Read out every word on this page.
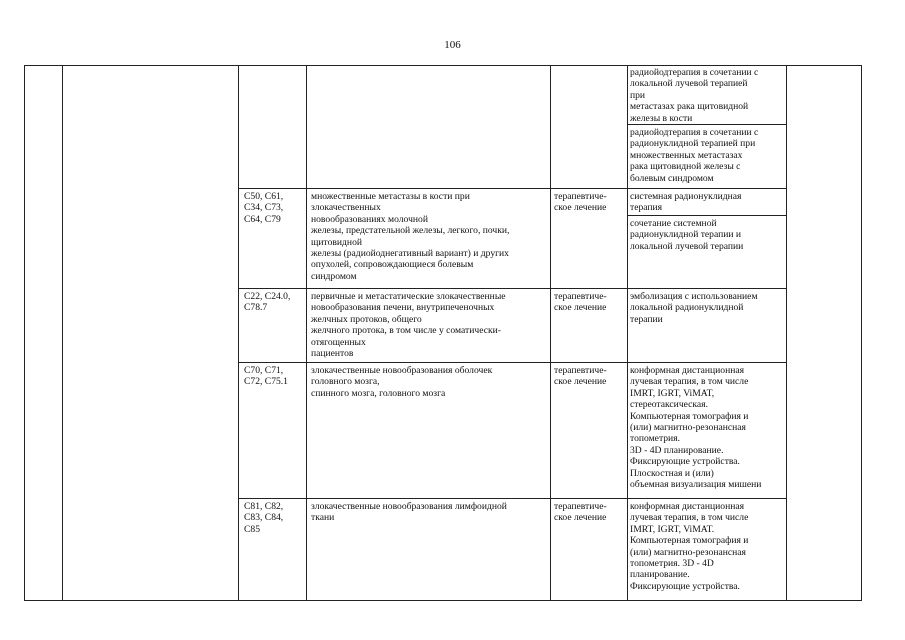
106
радиойодтерапия в сочетании с
локальной лучевой терапией
при
метастазах рака щитовидной
железы в кости
радиойодтерапия в сочетании с
радионуклидной терапией при
множественных метастазах
рака щитовидной железы с
болевым синдромом
C50, C61,
C34, C73,
C64, C79
множественные метастазы в кости при
злокачественных
новообразованиях молочной
железы, предстательной железы, легкого, почки,
щитовидной
железы (радиойоднегативный вариант) и других
опухолей, сопровождающиеся болевым
синдромом
терапевтиче-
ское лечение
системная радионуклидная
терапия
сочетание системной
радионуклидной терапии и
локальной лучевой терапии
C22, C24.0,
C78.7
первичные и метастатические злокачественные
новообразования печени, внутрипеченочных
желчных протоков, общего
желчного протока, в том числе у соматически-
отягощенных
пациентов
терапевтиче-
ское лечение
эмболизация с использованием
локальной радионуклидной
терапии
C70, C71,
C72, C75.1
злокачественные новообразования оболочек
головного мозга,
спинного мозга, головного мозга
терапевтиче-
ское лечение
конформная дистанционная
лучевая терапия, в том числе
IMRT, IGRT, ViMAT,
стереотаксическая.
Компьютерная томография и
(или) магнитно-резонансная
топометрия.
3D - 4D планирование.
Фиксирующие устройства.
Плоскостная и (или)
объемная визуализация мишени
C81, C82,
C83, C84,
C85
злокачественные новообразования лимфоидной
ткани
терапевтиче-
ское лечение
конформная дистанционная
лучевая терапия, в том числе
IMRT, IGRT, ViMAT.
Компьютерная томография и
(или) магнитно-резонансная
топометрия. 3D - 4D
планирование.
Фиксирующие устройства.
